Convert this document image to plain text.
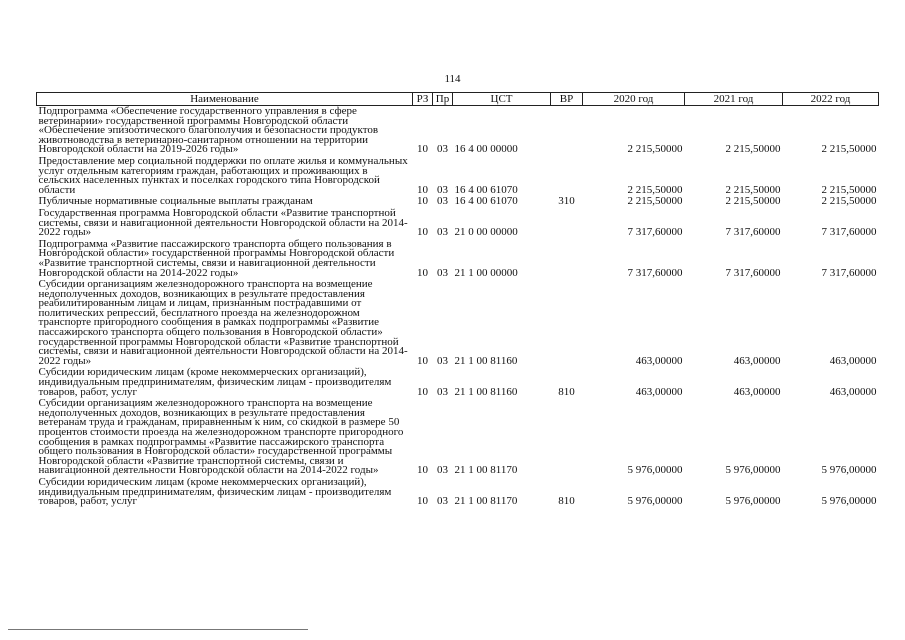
114
Наименование	РЗ	Пр	ЦСТ	ВР	2020 год	2021 год	2022 год
Подпрограмма «Обеспечение государственного управления в сфере ветеринарии» государственной программы Новгородской области «Обеспечение эпизоотического благополучия и безопасности продуктов животноводства в ветеринарно-санитарном отношении на территории Новгородской области на 2019-2026 годы»	10	03	16 4 00 00000		2 215,50000	2 215,50000	2 215,50000
Предоставление мер социальной поддержки по оплате жилья и коммунальных услуг отдельным категориям граждан, работающих и проживающих в сельских населенных пунктах и поселках городского типа Новгородской области	10	03	16 4 00 61070		2 215,50000	2 215,50000	2 215,50000
Публичные нормативные социальные выплаты гражданам	10	03	16 4 00 61070	310	2 215,50000	2 215,50000	2 215,50000
Государственная программа Новгородской области «Развитие транспортной системы, связи и навигационной деятельности Новгородской области на 2014-2022 годы»	10	03	21 0 00 00000		7 317,60000	7 317,60000	7 317,60000
Подпрограмма «Развитие пассажирского транспорта общего пользования в Новгородской области» государственной программы Новгородской области «Развитие транспортной системы, связи и навигационной деятельности Новгородской области на 2014-2022 годы»	10	03	21 1 00 00000		7 317,60000	7 317,60000	7 317,60000
Субсидии организациям железнодорожного транспорта на возмещение недополученных доходов, возникающих в результате предоставления реабилитированным лицам и лицам, признанным пострадавшими от политических репрессий, бесплатного проезда на железнодорожном транспорте пригородного сообщения в рамках подпрограммы «Развитие пассажирского транспорта общего пользования в Новгородской области» государственной программы Новгородской области «Развитие транспортной системы, связи и навигационной деятельности Новгородской области на 2014-2022 годы»	10	03	21 1 00 81160		463,00000	463,00000	463,00000
Субсидии юридическим лицам (кроме некоммерческих организаций), индивидуальным предпринимателям, физическим лицам - производителям товаров, работ, услуг	10	03	21 1 00 81160	810	463,00000	463,00000	463,00000
Субсидии организациям железнодорожного транспорта на возмещение недополученных доходов, возникающих в результате предоставления ветеранам труда и гражданам, приравненным к ним, со скидкой в размере 50 процентов стоимости проезда на железнодорожном транспорте пригородного сообщения в рамках подпрограммы «Развитие пассажирского транспорта общего пользования в Новгородской области» государственной программы Новгородской области «Развитие транспортной системы, связи и навигационной деятельности Новгородской области на 2014-2022 годы»	10	03	21 1 00 81170		5 976,00000	5 976,00000	5 976,00000
Субсидии юридическим лицам (кроме некоммерческих организаций), индивидуальным предпринимателям, физическим лицам - производителям товаров, работ, услуг	10	03	21 1 00 81170	810	5 976,00000	5 976,00000	5 976,00000
